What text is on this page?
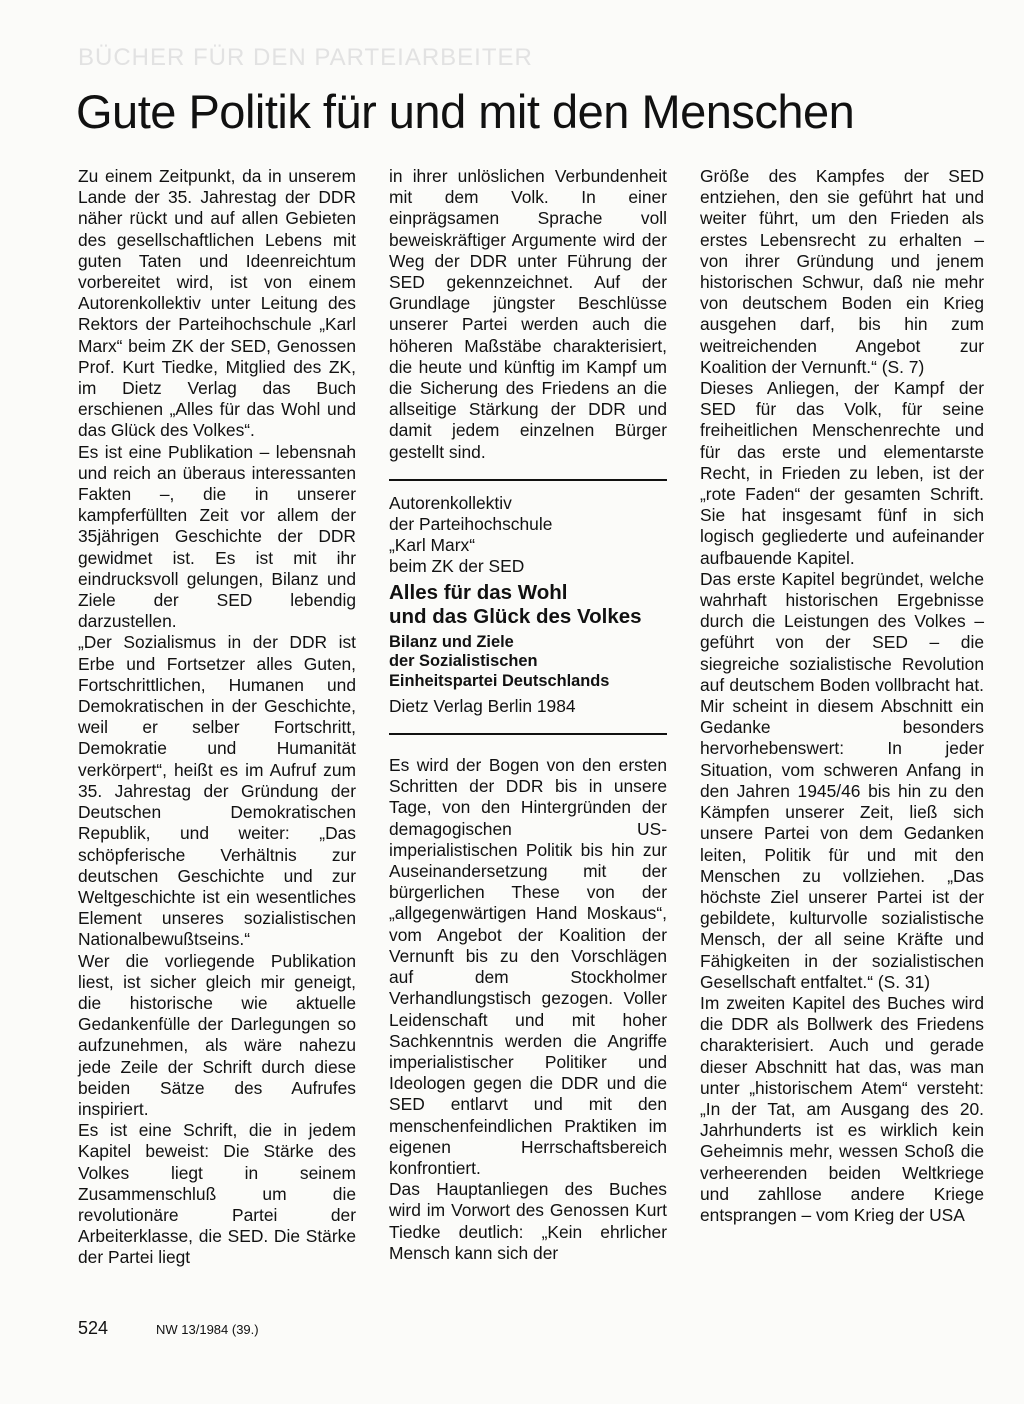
BÜCHER FÜR DEN PARTEIARBEITER
Gute Politik für und mit den Menschen

Zu einem Zeitpunkt, da in unserem Lande der 35. Jahrestag der DDR näher rückt und auf allen Gebieten des gesellschaftlichen Lebens mit guten Taten und Ideenreichtum vorbereitet wird, ist von einem Autorenkollektiv unter Leitung des Rektors der Parteihochschule „Karl Marx“ beim ZK der SED, Genossen Prof. Kurt Tiedke, Mitglied des ZK, im Dietz Verlag das Buch erschienen „Alles für das Wohl und das Glück des Volkes“.

Es ist eine Publikation – lebensnah und reich an überaus interessanten Fakten –, die in unserer kampferfüllten Zeit vor allem der 35jährigen Geschichte der DDR gewidmet ist. Es ist mit ihr eindrucksvoll gelungen, Bilanz und Ziele der SED lebendig darzustellen.

„Der Sozialismus in der DDR ist Erbe und Fortsetzer alles Guten, Fortschrittlichen, Humanen und Demokratischen in der Geschichte, weil er selber Fortschritt, Demokratie und Humanität verkörpert“, heißt es im Aufruf zum 35. Jahrestag der Gründung der Deutschen Demokratischen Republik, und weiter: „Das schöpferische Verhältnis zur deutschen Geschichte und zur Weltgeschichte ist ein wesentliches Element unseres sozialistischen Nationalbewußtseins.“

Wer die vorliegende Publikation liest, ist sicher gleich mir geneigt, die historische wie aktuelle Gedankenfülle der Darlegungen so aufzunehmen, als wäre nahezu jede Zeile der Schrift durch diese beiden Sätze des Aufrufes inspiriert.

Es ist eine Schrift, die in jedem Kapitel beweist: Die Stärke des Volkes liegt in seinem Zusammenschluß um die revolutionäre Partei der Arbeiterklasse, die SED. Die Stärke der Partei liegt

in ihrer unlöslichen Verbundenheit mit dem Volk. In einer einprägsamen Sprache voll beweiskräftiger Argumente wird der Weg der DDR unter Führung der SED gekennzeichnet. Auf der Grundlage jüngster Beschlüsse unserer Partei werden auch die höheren Maßstäbe charakterisiert, die heute und künftig im Kampf um die Sicherung des Friedens an die allseitige Stärkung der DDR und damit jedem einzelnen Bürger gestellt sind.

Autorenkollektiv
der Parteihochschule
„Karl Marx“
beim ZK der SED
Alles für das Wohl
und das Glück des Volkes
Bilanz und Ziele
der Sozialistischen
Einheitspartei Deutschlands
Dietz Verlag Berlin 1984

Es wird der Bogen von den ersten Schritten der DDR bis in unsere Tage, von den Hintergründen der demagogischen US-imperialistischen Politik bis hin zur Auseinandersetzung mit der bürgerlichen These von der „allgegenwärtigen Hand Moskaus“, vom Angebot der Koalition der Vernunft bis zu den Vorschlägen auf dem Stockholmer Verhandlungstisch gezogen. Voller Leidenschaft und mit hoher Sachkenntnis werden die Angriffe imperialistischer Politiker und Ideologen gegen die DDR und die SED entlarvt und mit den menschenfeindlichen Praktiken im eigenen Herrschaftsbereich konfrontiert.

Das Hauptanliegen des Buches wird im Vorwort des Genossen Kurt Tiedke deutlich: „Kein ehrlicher Mensch kann sich der

Größe des Kampfes der SED entziehen, den sie geführt hat und weiter führt, um den Frieden als erstes Lebensrecht zu erhalten – von ihrer Gründung und jenem historischen Schwur, daß nie mehr von deutschem Boden ein Krieg ausgehen darf, bis hin zum weitreichenden Angebot zur Koalition der Vernunft.“ (S. 7)

Dieses Anliegen, der Kampf der SED für das Volk, für seine freiheitlichen Menschenrechte und für das erste und elementarste Recht, in Frieden zu leben, ist der „rote Faden“ der gesamten Schrift. Sie hat insgesamt fünf in sich logisch gegliederte und aufeinander aufbauende Kapitel.

Das erste Kapitel begründet, welche wahrhaft historischen Ergebnisse durch die Leistungen des Volkes – geführt von der SED – die siegreiche sozialistische Revolution auf deutschem Boden vollbracht hat. Mir scheint in diesem Abschnitt ein Gedanke besonders hervorhebenswert: In jeder Situation, vom schweren Anfang in den Jahren 1945/46 bis hin zu den Kämpfen unserer Zeit, ließ sich unsere Partei von dem Gedanken leiten, Politik für und mit den Menschen zu vollziehen. „Das höchste Ziel unserer Partei ist der gebildete, kulturvolle sozialistische Mensch, der all seine Kräfte und Fähigkeiten in der sozialistischen Gesellschaft entfaltet.“ (S. 31)

Im zweiten Kapitel des Buches wird die DDR als Bollwerk des Friedens charakterisiert. Auch und gerade dieser Abschnitt hat das, was man unter „historischem Atem“ versteht: „In der Tat, am Ausgang des 20. Jahrhunderts ist es wirklich kein Geheimnis mehr, wessen Schoß die verheerenden beiden Weltkriege und zahllose andere Kriege entsprangen – vom Krieg der USA

524	NW 13/1984 (39.)
